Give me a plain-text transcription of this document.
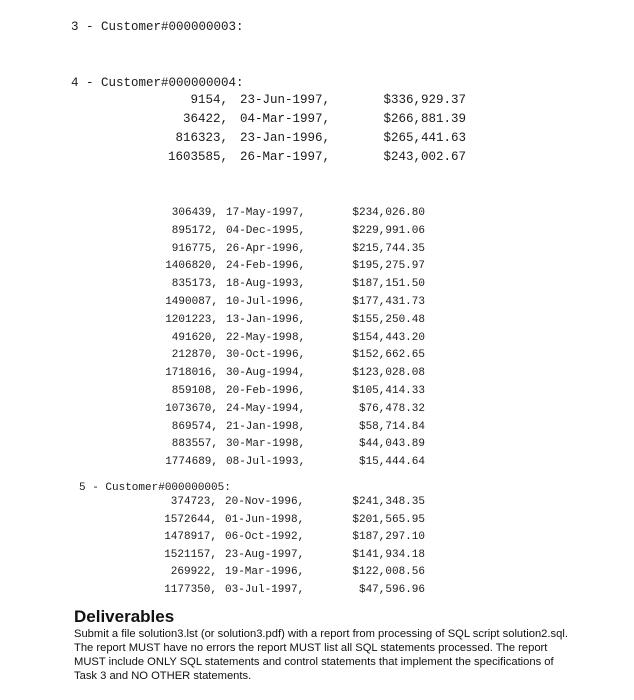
3 - Customer#000000003:
4 - Customer#000000004:
9154, 23-Jun-1997,	$336,929.37
36422, 04-Mar-1997,	$266,881.39
816323, 23-Jan-1996,	$265,441.63
1603585, 26-Mar-1997,	$243,002.67
306439, 17-May-1997,	$234,026.80
895172, 04-Dec-1995,	$229,991.06
916775, 26-Apr-1996,	$215,744.35
1406820, 24-Feb-1996,	$195,275.97
835173, 18-Aug-1993,	$187,151.50
1490087, 10-Jul-1996,	$177,431.73
1201223, 13-Jan-1996,	$155,250.48
491620, 22-May-1998,	$154,443.20
212870, 30-Oct-1996,	$152,662.65
1718016, 30-Aug-1994,	$123,028.08
859108, 20-Feb-1996,	$105,414.33
1073670, 24-May-1994,	$76,478.32
869574, 21-Jan-1998,	$58,714.84
883557, 30-Mar-1998,	$44,043.89
1774689, 08-Jul-1993,	$15,444.64
5 - Customer#000000005:
374723, 20-Nov-1996,	$241,348.35
1572644, 01-Jun-1998,	$201,565.95
1478917, 06-Oct-1992,	$187,297.10
1521157, 23-Aug-1997,	$141,934.18
269922, 19-Mar-1996,	$122,008.56
1177350, 03-Jul-1997,	$47,596.96
Deliverables
Submit a file solution3.lst (or solution3.pdf) with a report from processing of SQL script solution2.sql. The report MUST have no errors the report MUST list all SQL statements processed. The report MUST include ONLY SQL statements and control statements that implement the specifications of Task 3 and NO OTHER statements.
